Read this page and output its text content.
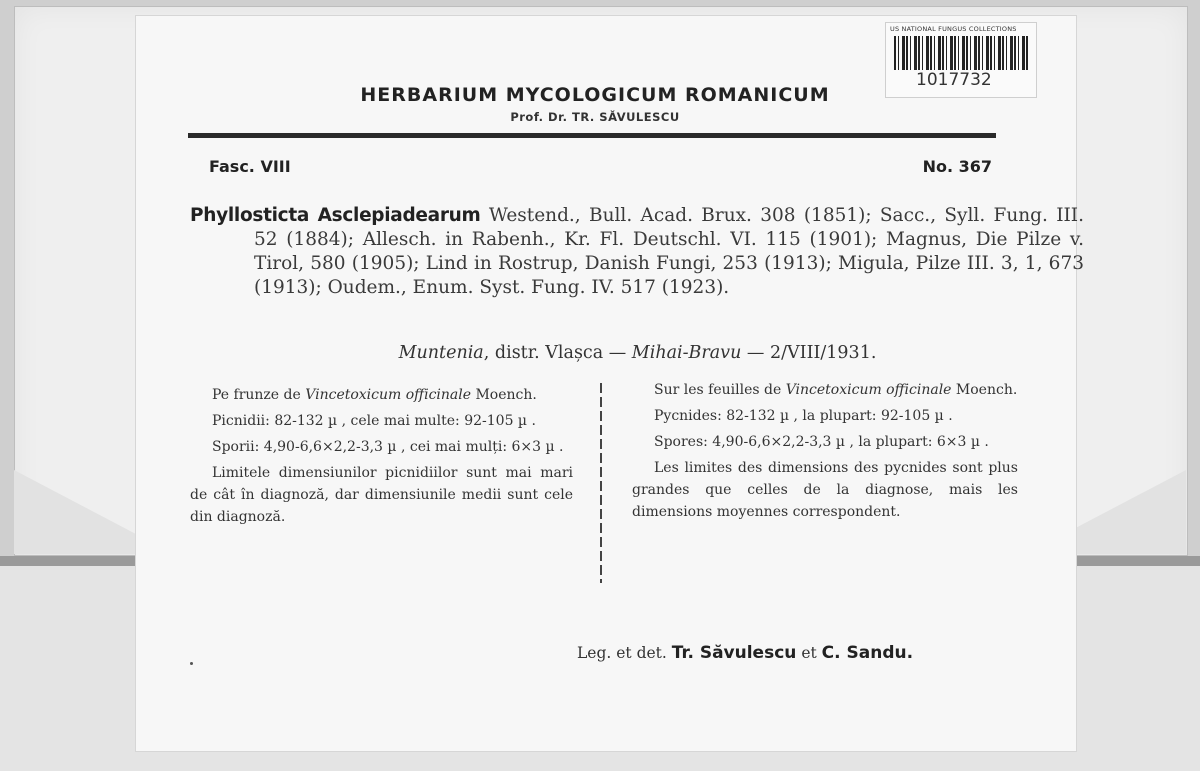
US NATIONAL FUNGUS COLLECTIONS
1017732
HERBARIUM MYCOLOGICUM ROMANICUM
Prof. Dr. TR. SĂVULESCU
Fasc. VIII	No. 367
Phyllosticta Asclepiadearum Westend., Bull. Acad. Brux. 308 (1851); Sacc., Syll. Fung. III. 52 (1884); Allesch. in Rabenh., Kr. Fl. Deutschl. VI. 115 (1901); Magnus, Die Pilze v. Tirol, 580 (1905); Lind in Rostrup, Danish Fungi, 253 (1913); Migula, Pilze III. 3, 1, 673 (1913); Oudem., Enum. Syst. Fung. IV. 517 (1923).
Muntenia, distr. Vlașca — Mihai-Bravu — 2/VIII/1931.

Pe frunze de Vincetoxicum officinale Moench.

Picnidii: 82-132 µ , cele mai multe: 92-105 µ .

Sporii: 4,90-6,6×2,2-3,3 µ , cei mai mulți: 6×3 µ .

Limitele dimensiunilor picnidiilor sunt mai mari de cât în diagnoză, dar dimensiunile medii sunt cele din diagnoză.

Sur les feuilles de Vincetoxicum officinale Moench.

Pycnides: 82-132 µ , la plupart: 92-105 µ .

Spores: 4,90-6,6×2,2-3,3 µ , la plupart: 6×3 µ .

Les limites des dimensions des pycnides sont plus grandes que celles de la diagnose, mais les dimensions moyennes correspondent.

Leg. et det. Tr. Săvulescu et C. Sandu.
